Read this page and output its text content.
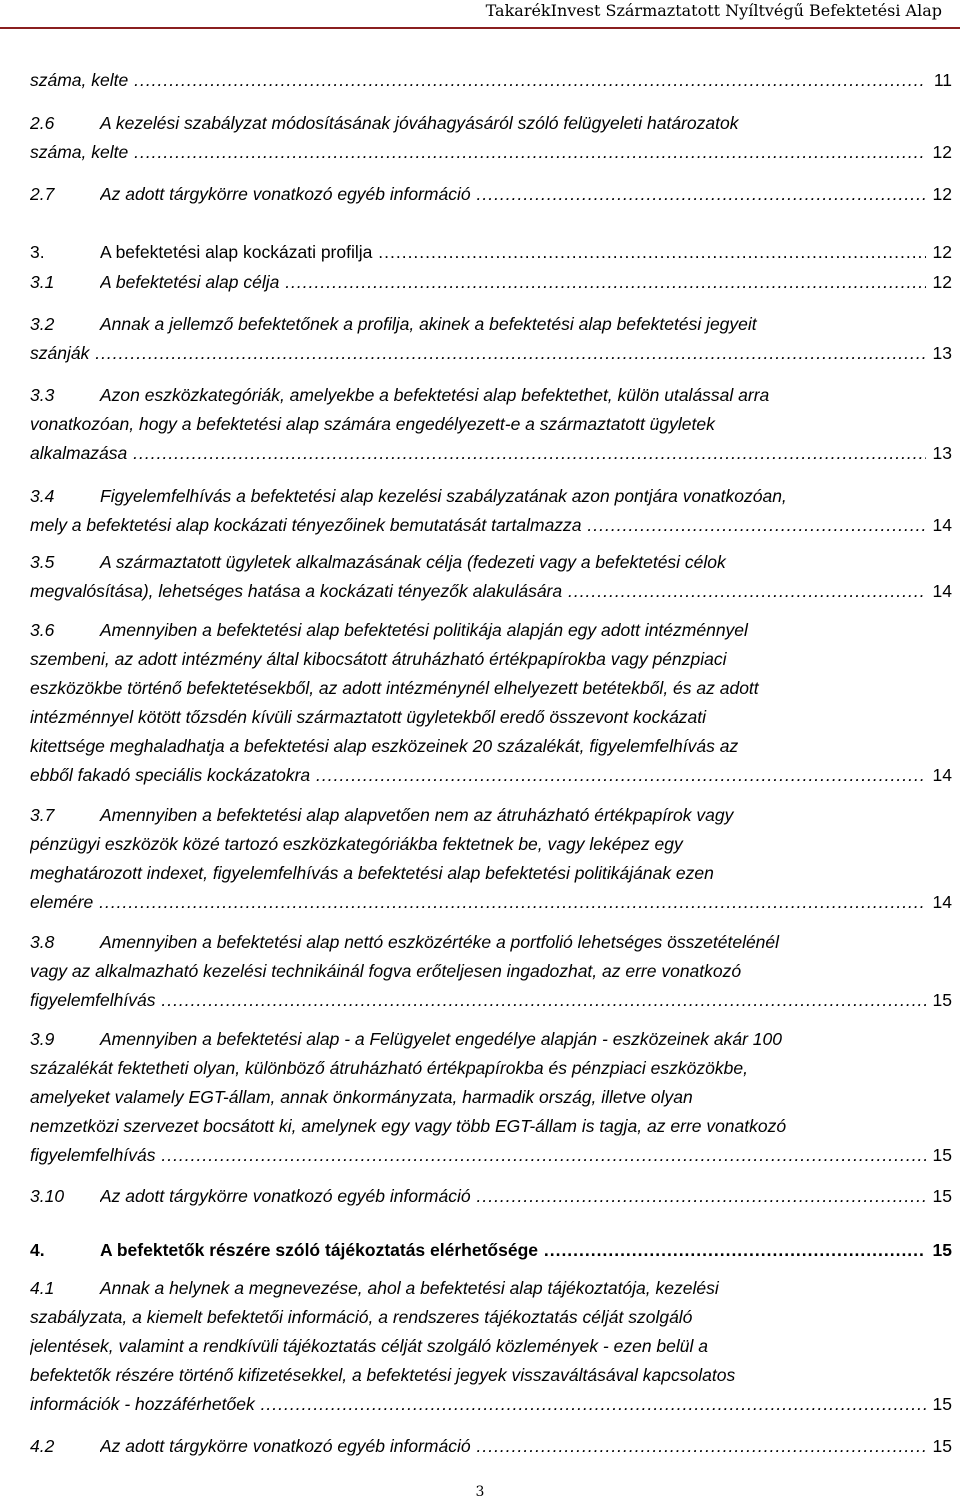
TakarékInvest Származtatott Nyíltvégű Befektetési Alap
száma, kelte .....	11
2.6	A kezelési szabályzat módosításának jóváhagyásáról szóló felügyeleti határozatok
száma, kelte .....	12
2.7	Az adott tárgykörre vonatkozó egyéb információ .....	12
3.	A befektetési alap kockázati profilja .....	12
3.1	A befektetési alap célja .....	12
3.2	Annak a jellemző befektetőnek a profilja, akinek a befektetési alap befektetési jegyeit
szánják .....	13
3.3	Azon eszközkategóriák, amelyekbe a befektetési alap befektethet, külön utalással arra
vonatkozóan, hogy a befektetési alap számára engedélyezett-e a származtatott ügyletek
alkalmazása .....	13
3.4	Figyelemfelhívás a befektetési alap kezelési szabályzatának azon pontjára vonatkozóan,
mely a befektetési alap kockázati tényezőinek bemutatását tartalmazza .....	14
3.5	A származtatott ügyletek alkalmazásának célja (fedezeti vagy a befektetési célok
megvalósítása), lehetséges hatása a kockázati tényezők alakulására .....	14
3.6	Amennyiben a befektetési alap befektetési politikája alapján egy adott intézménnyel
szembeni, az adott intézmény által kibocsátott átruházható értékpapírokba vagy pénzpiaci
eszközökbe történő befektetésekből, az adott intézménynél elhelyezett betétekből, és az adott
intézménnyel kötött tőzsdén kívüli származtatott ügyletekből eredő összevont kockázati
kitettsége meghaladhatja a befektetési alap eszközeinek 20 százalékát, figyelemfelhívás az
ebből fakadó speciális kockázatokra .....	14
3.7	Amennyiben a befektetési alap alapvetően nem az átruházható értékpapírok vagy
pénzügyi eszközök közé tartozó eszközkategóriákba fektetnek be, vagy leképez egy
meghatározott indexet, figyelemfelhívás a befektetési alap befektetési politikájának ezen
elemére .....	14
3.8	Amennyiben a befektetési alap nettó eszközértéke a portfolió lehetséges összetételénél
vagy az alkalmazható kezelési technikáinál fogva erőteljesen ingadozhat, az erre vonatkozó
figyelemfelhívás .....	15
3.9	Amennyiben a befektetési alap - a Felügyelet engedélye alapján - eszközeinek akár 100
százalékát fektetheti olyan, különböző átruházható értékpapírokba és pénzpiaci eszközökbe,
amelyeket valamely EGT-állam, annak önkormányzata, harmadik ország, illetve olyan
nemzetközi szervezet bocsátott ki, amelynek egy vagy több EGT-állam is tagja, az erre vonatkozó
figyelemfelhívás .....	15
3.10 Az adott tárgykörre vonatkozó egyéb információ .....	15
4.	A befektetők részére szóló tájékoztatás elérhetősége .....	15
4.1	Annak a helynek a megnevezése, ahol a befektetési alap tájékoztatója, kezelési
szabályzata, a kiemelt befektetői információ, a rendszeres tájékoztatás célját szolgáló
jelentések, valamint a rendkívüli tájékoztatás célját szolgáló közlemények - ezen belül a
befektetők részére történő kifizetésekkel, a befektetési jegyek visszaváltásával kapcsolatos
információk - hozzáférhetőek .....	15
4.2	Az adott tárgykörre vonatkozó egyéb információ .....	15
3
